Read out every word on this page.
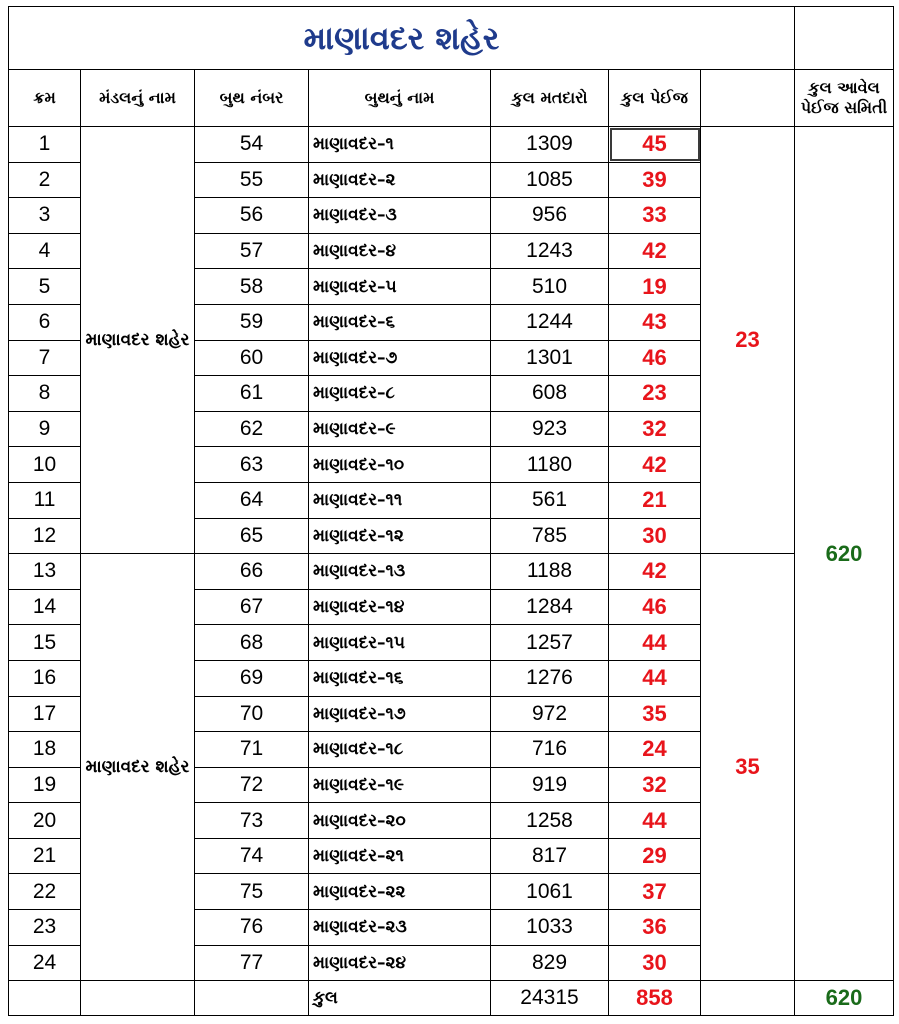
માણાવદર શહેર							
ક્રમ	મંડલનું નામ	બુથ નંબર	બુથનું નામ	કુલ મતદારો	કુલ પેઈજ		કુલ આવેલ પેઈજ સમિતી
1	માણાવદર શહેર	54	માણાવદર–૧	1309	45	23	620
2		55	માણાવદર–૨	1085	39		
3		56	માણાવદર–૩	956	33		
4		57	માણાવદર–૪	1243	42		
5		58	માણાવદર–૫	510	19		
6		59	માણાવદર–૬	1244	43		
7		60	માણાવદર–૭	1301	46		
8		61	માણાવદર–૮	608	23		
9		62	માણાવદર–૯	923	32		
10		63	માણાવદર–૧૦	1180	42		
11		64	માણાવદર–૧૧	561	21		
12		65	માણાવદર–૧૨	785	30		
13	માણાવદર શહેર	66	માણાવદર–૧૩	1188	42	35	
14		67	માણાવદર–૧૪	1284	46		
15		68	માણાવદર–૧૫	1257	44		
16		69	માણાવદર–૧૬	1276	44		
17		70	માણાવદર–૧૭	972	35		
18		71	માણાવદર–૧૮	716	24		
19		72	માણાવદર–૧૯	919	32		
20		73	માણાવદર–૨૦	1258	44		
21		74	માણાવદર–૨૧	817	29		
22		75	માણાવદર–૨૨	1061	37		
23		76	માણાવદર–૨૩	1033	36		
24		77	માણાવદર–૨૪	829	30		
			કુલ	24315	858		620
